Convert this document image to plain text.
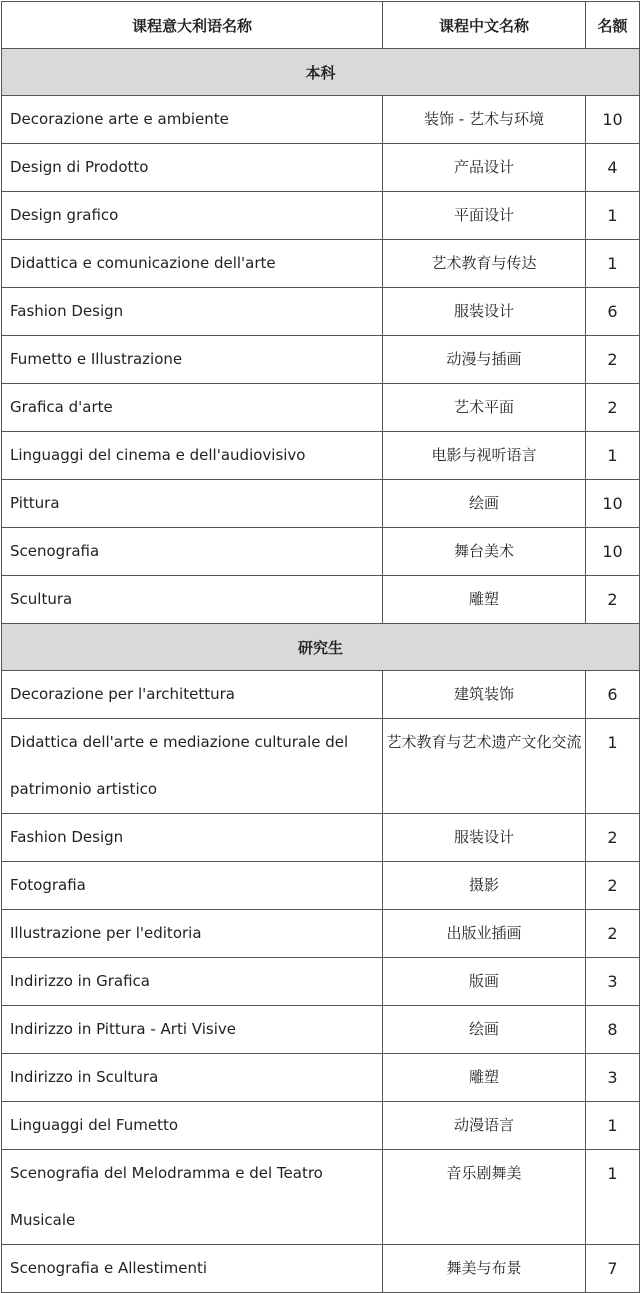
课程意大利语名称	课程中文名称	名额
本科		
Decorazione arte e ambiente	装饰 - 艺术与环境	10
Design di Prodotto	产品设计	4
Design grafico	平面设计	1
Didattica e comunicazione dell'arte	艺术教育与传达	1
Fashion Design	服装设计	6
Fumetto e Illustrazione	动漫与插画	2
Grafica d'arte	艺术平面	2
Linguaggi del cinema e dell'audiovisivo	电影与视听语言	1
Pittura	绘画	10
Scenografia	舞台美术	10
Scultura	雕塑	2
研究生		
Decorazione per l'architettura	建筑装饰	6
Didattica dell'arte e mediazione culturale del patrimonio artistico	艺术教育与艺术遗产文化交流	1
Fashion Design	服装设计	2
Fotografia	摄影	2
Illustrazione per l'editoria	出版业插画	2
Indirizzo in Grafica	版画	3
Indirizzo in Pittura - Arti Visive	绘画	8
Indirizzo in Scultura	雕塑	3
Linguaggi del Fumetto	动漫语言	1
Scenografia del Melodramma e del Teatro Musicale	音乐剧舞美	1
Scenografia e Allestimenti	舞美与布景	7
